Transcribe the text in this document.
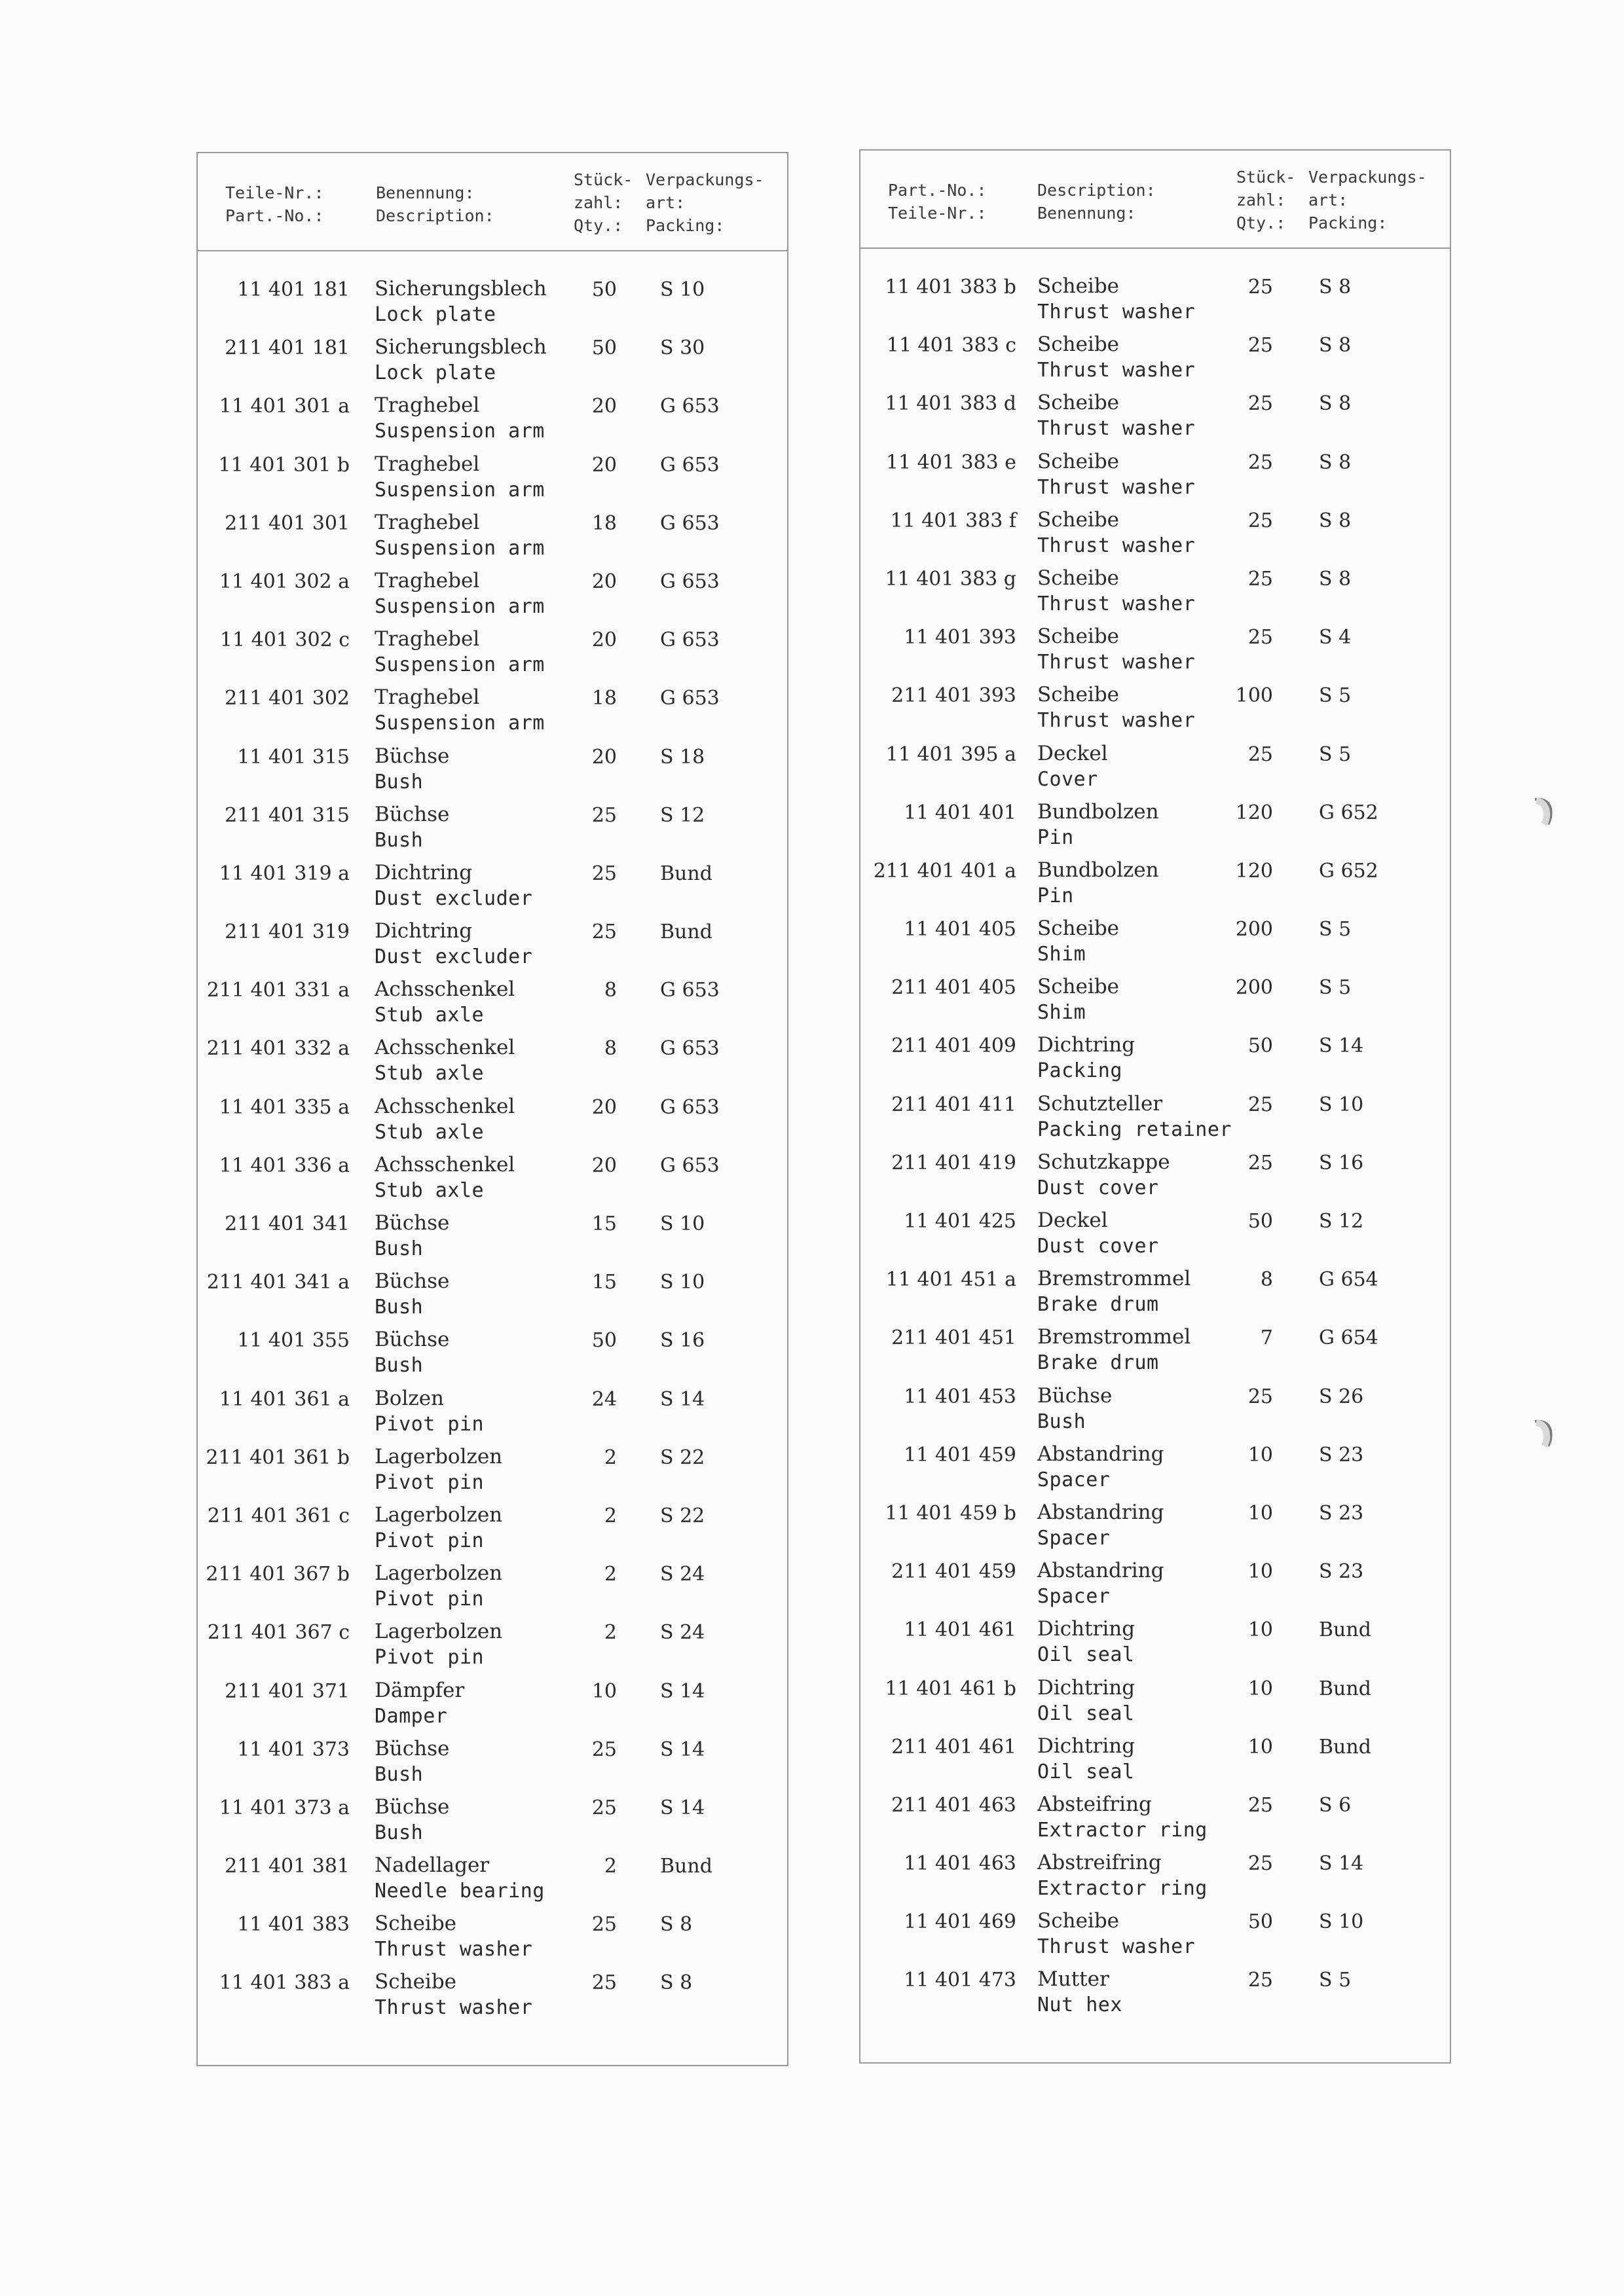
Teile-Nr.:
Part.-No.:
Benennung:
Description:
Stück-
zahl:
Qty.:
Verpackungs-
art:
Packing:
11 401 181 Sicherungsblech
Lock plate
50 S 10
211 401 181 Sicherungsblech
Lock plate
50 S 30
11 401 301 a Traghebel
Suspension arm
20 G 653
11 401 301 b Traghebel
Suspension arm
20 G 653
211 401 301 Traghebel
Suspension arm
18 G 653
11 401 302 a Traghebel
Suspension arm
20 G 653
11 401 302 c Traghebel
Suspension arm
20 G 653
211 401 302 Traghebel
Suspension arm
18 G 653
11 401 315 Büchse
Bush
20 S 18
211 401 315 Büchse
Bush
25 S 12
11 401 319 a Dichtring
Dust excluder
25 Bund
211 401 319 Dichtring
Dust excluder
25 Bund
211 401 331 a Achsschenkel
Stub axle
8 G 653
211 401 332 a Achsschenkel
Stub axle
8 G 653
11 401 335 a Achsschenkel
Stub axle
20 G 653
11 401 336 a Achsschenkel
Stub axle
20 G 653
211 401 341 Büchse
Bush
15 S 10
211 401 341 a Büchse
Bush
15 S 10
11 401 355 Büchse
Bush
50 S 16
11 401 361 a Bolzen
Pivot pin
24 S 14
211 401 361 b Lagerbolzen
Pivot pin
2 S 22
211 401 361 c Lagerbolzen
Pivot pin
2 S 22
211 401 367 b Lagerbolzen
Pivot pin
2 S 24
211 401 367 c Lagerbolzen
Pivot pin
2 S 24
211 401 371 Dämpfer
Damper
10 S 14
11 401 373 Büchse
Bush
25 S 14
11 401 373 a Büchse
Bush
25 S 14
211 401 381 Nadellager
Needle bearing
2 Bund
11 401 383 Scheibe
Thrust washer
25 S 8
11 401 383 a Scheibe
Thrust washer
25 S 8
Part.-No.:
Teile-Nr.:
Description:
Benennung:
Stück-
zahl:
Qty.:
Verpackungs-
art:
Packing:
11 401 383 b Scheibe
Thrust washer
25 S 8
11 401 383 c Scheibe
Thrust washer
25 S 8
11 401 383 d Scheibe
Thrust washer
25 S 8
11 401 383 e Scheibe
Thrust washer
25 S 8
11 401 383 f Scheibe
Thrust washer
25 S 8
11 401 383 g Scheibe
Thrust washer
25 S 8
11 401 393 Scheibe
Thrust washer
25 S 4
211 401 393 Scheibe
Thrust washer
100 S 5
11 401 395 a Deckel
Cover
25 S 5
11 401 401 Bundbolzen
Pin
120 G 652
211 401 401 a Bundbolzen
Pin
120 G 652
11 401 405 Scheibe
Shim
200 S 5
211 401 405 Scheibe
Shim
200 S 5
211 401 409 Dichtring
Packing
50 S 14
211 401 411 Schutzteller
Packing retainer
25 S 10
211 401 419 Schutzkappe
Dust cover
25 S 16
11 401 425 Deckel
Dust cover
50 S 12
11 401 451 a Bremstrommel
Brake drum
8 G 654
211 401 451 Bremstrommel
Brake drum
7 G 654
11 401 453 Büchse
Bush
25 S 26
11 401 459 Abstandring
Spacer
10 S 23
11 401 459 b Abstandring
Spacer
10 S 23
211 401 459 Abstandring
Spacer
10 S 23
11 401 461 Dichtring
Oil seal
10 Bund
11 401 461 b Dichtring
Oil seal
10 Bund
211 401 461 Dichtring
Oil seal
10 Bund
211 401 463 Absteifring
Extractor ring
25 S 6
11 401 463 Abstreifring
Extractor ring
25 S 14
11 401 469 Scheibe
Thrust washer
50 S 10
11 401 473 Mutter
Nut hex
25 S 5
